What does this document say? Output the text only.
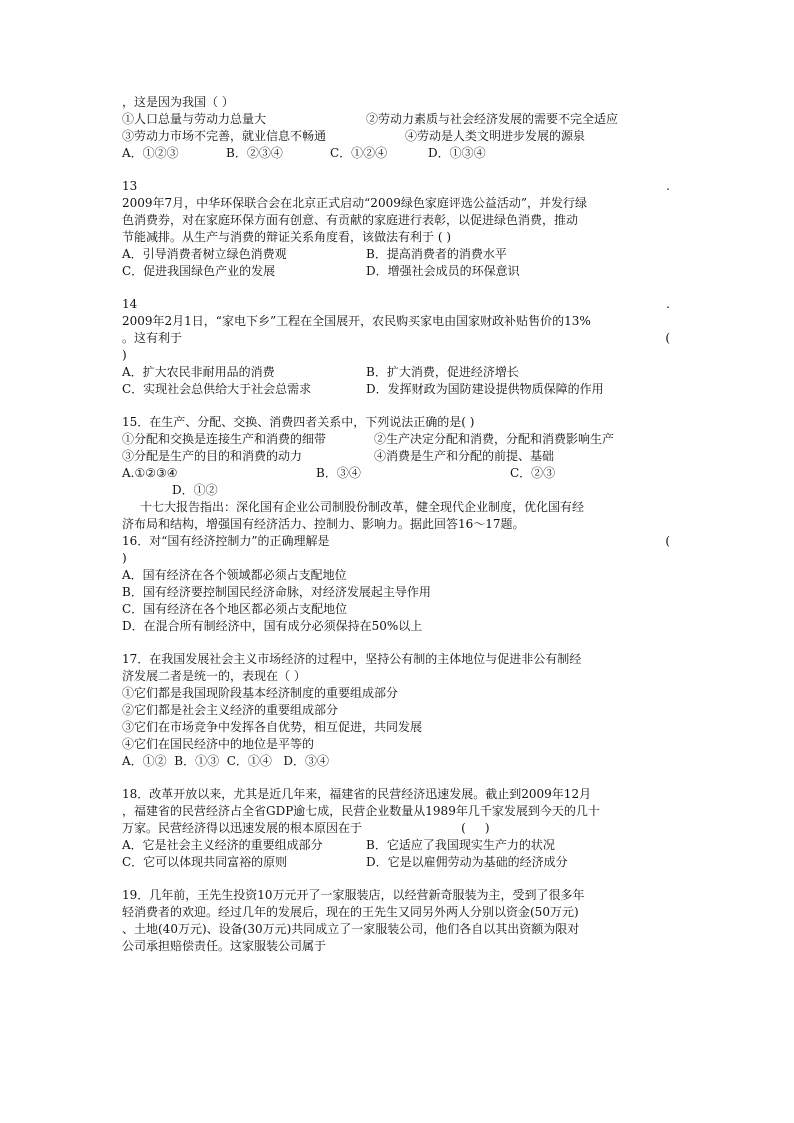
，这是因为我国（ ）
①人口总量与劳动力总量大	②劳动力素质与社会经济发展的需要不完全适应
③劳动力市场不完善，就业信息不畅通	④劳动是人类文明进步发展的源泉
A．①②③	B．②③④	C．①②④	D．①③④
13	.
2009年7月，中华环保联合会在北京正式启动“2009绿色家庭评选公益活动”，并发行绿
色消费券，对在家庭环保方面有创意、有贡献的家庭进行表彰，以促进绿色消费，推动
节能减排。从生产与消费的辩证关系角度看，该做法有利于 ( )
A．引导消费者树立绿色消费观	B．提高消费者的消费水平
C．促进我国绿色产业的发展	D．增强社会成员的环保意识
14	.
2009年2月1日，“家电下乡”工程在全国展开，农民购买家电由国家财政补贴售价的13%
。这有利于	(
)
A．扩大农民非耐用品的消费	B．扩大消费，促进经济增长
C．实现社会总供给大于社会总需求	D．发挥财政为国防建设提供物质保障的作用
15．在生产、分配、交换、消费四者关系中，下列说法正确的是( )
①分配和交换是连接生产和消费的细带	②生产决定分配和消费，分配和消费影响生产
③分配是生产的目的和消费的动力	④消费是生产和分配的前提、基础
A.①②③④	B．③④	C．②③
D．①②
十七大报告指出：深化国有企业公司制股份制改革，健全现代企业制度，优化国有经
济布局和结构，增强国有经济活力、控制力、影响力。据此回答16～17题。
16．对“国有经济控制力”的正确理解是	(
)
A．国有经济在各个领域都必须占支配地位
B．国有经济要控制国民经济命脉，对经济发展起主导作用
C．国有经济在各个地区都必须占支配地位
D．在混合所有制经济中，国有成分必须保持在50%以上
17．在我国发展社会主义市场经济的过程中，坚持公有制的主体地位与促进非公有制经
济发展二者是统一的，表现在（ ）
①它们都是我国现阶段基本经济制度的重要组成部分
②它们都是社会主义经济的重要组成部分
③它们在市场竞争中发挥各自优势，相互促进，共同发展
④它们在国民经济中的地位是平等的
A．①②  B．①③  C．①④   D．③④
18．改革开放以来，尤其是近几年来，福建省的民营经济迅速发展。截止到2009年12月
，福建省的民营经济占全省GDP逾七成，民营企业数量从1989年几千家发展到今天的几十
万家。民营经济得以迅速发展的根本原因在于                          (     )
A．它是社会主义经济的重要组成部分	B．它适应了我国现实生产力的状况
C．它可以体现共同富裕的原则	D．它是以雇佣劳动为基础的经济成分
19．几年前，王先生投资10万元开了一家服装店，以经营新奇服装为主，受到了很多年
轻消费者的欢迎。经过几年的发展后，现在的王先生又同另外两人分别以资金(50万元)
、土地(40万元)、设备(30万元)共同成立了一家服装公司，他们各自以其出资额为限对
公司承担赔偿责任。这家服装公司属于
